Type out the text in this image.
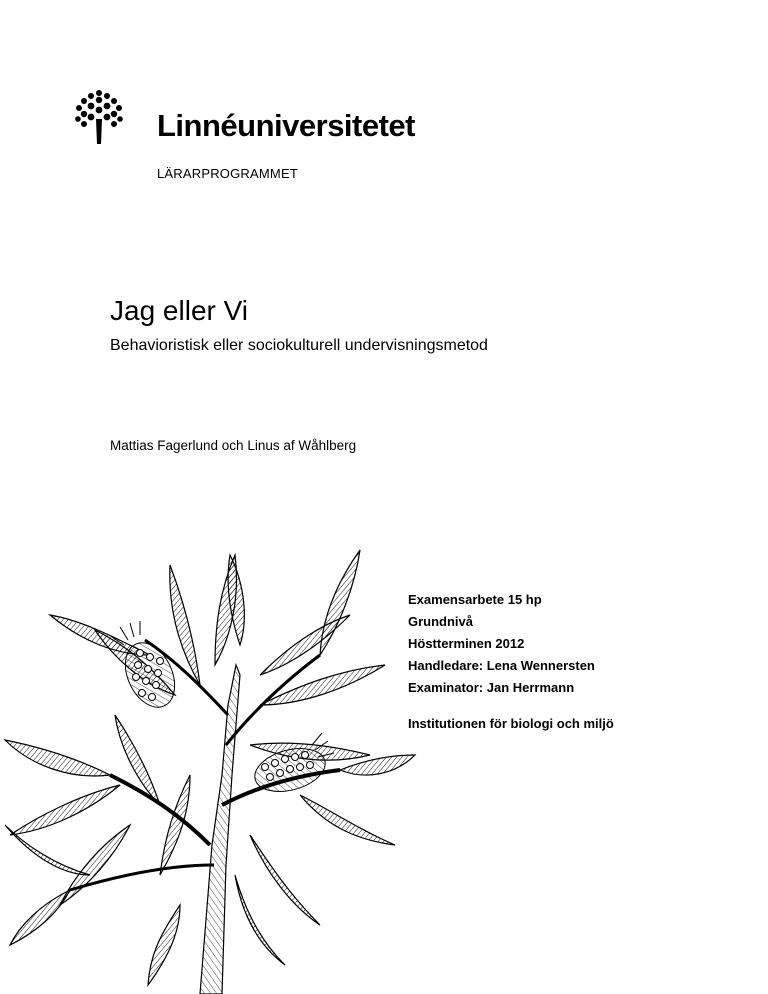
Linnéuniversitetet
LÄRARPROGRAMMET
Jag eller Vi
Behavioristisk eller sociokulturell undervisningsmetod
Mattias Fagerlund och Linus af Wåhlberg
Examensarbete 15 hp
Grundnivå
Höstterminen 2012
Handledare: Lena Wennersten
Examinator: Jan Herrmann
Institutionen för biologi och miljö
